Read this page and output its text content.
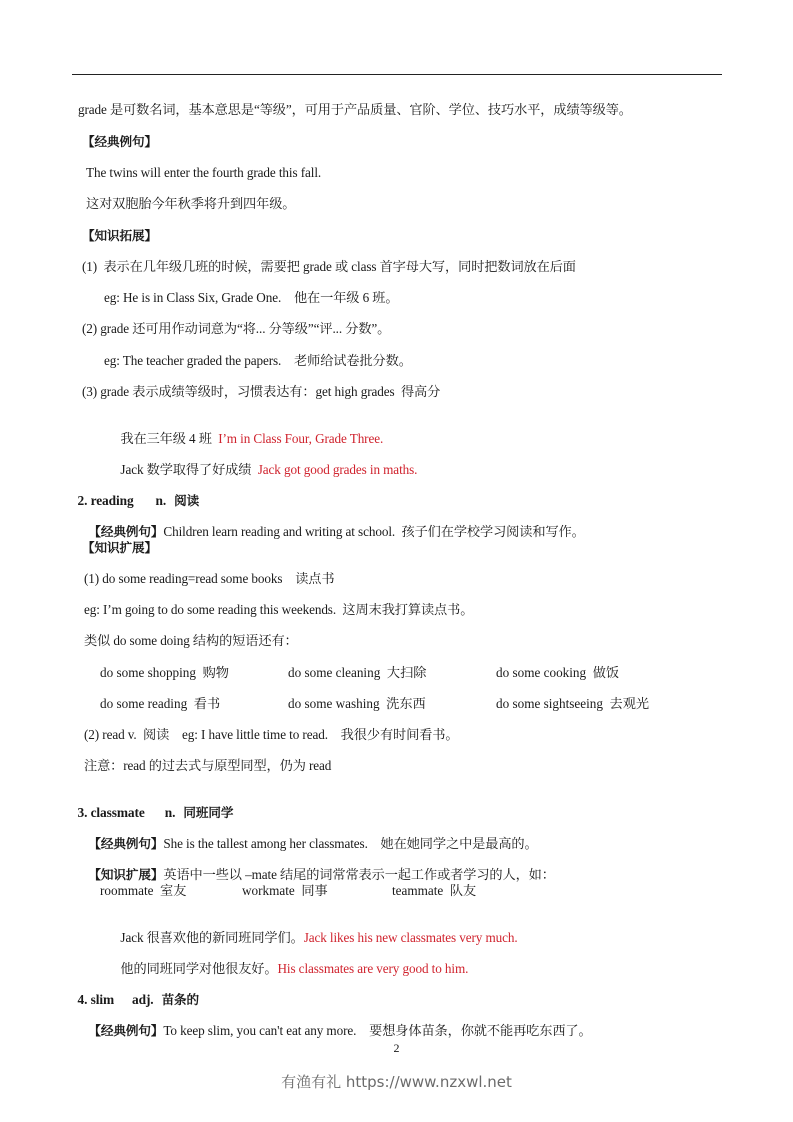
grade 是可数名词，基本意思是“等级”，可用于产品质量、官阶、学位、技巧水平，成绩等级等。
【经典例句】
The twins will enter the fourth grade this fall.
这对双胞胎今年秋季将升到四年级。
【知识拓展】
(1)  表示在几年级几班的时候，需要把 grade 或 class 首字母大写，同时把数词放在后面
eg: He is in Class Six, Grade One.    他在一年级 6 班。
(2) grade 还可用作动词意为“将... 分等级”“评... 分数”。
eg: The teacher graded the papers.    老师给试卷批分数。
(3) grade 表示成绩等级时，习惯表达有：get high grades  得高分

我在三年级 4 班  I’m in Class Four, Grade Three.

Jack 数学取得了好成绩  Jack got good grades in maths.

2. reading n. 阅读

【经典例句】Children learn reading and writing at school.  孩子们在学校学习阅读和写作。

【知识扩展】
(1) do some reading=read some books    读点书
eg: I’m going to do some reading this weekends.  这周末我打算读点书。
类似 do some doing 结构的短语还有：
do some shopping  购物	do some cleaning  大扫除	do some cooking  做饭
do some reading  看书	do some washing  洗东西	do some sightseeing  去观光
(2) read v.  阅读    eg: I have little time to read.    我很少有时间看书。
注意：read 的过去式与原型同型，仍为 read

3. classmate n. 同班同学

【经典例句】She is the tallest among her classmates.    她在她同学之中是最高的。

【知识扩展】英语中一些以 –mate 结尾的词常常表示一起工作或者学习的人，如：

roommate  室友	workmate  同事	teammate  队友

Jack 很喜欢他的新同班同学们。Jack likes his new classmates very much.

他的同班同学对他很友好。His classmates are very good to him.

4. slim adj. 苗条的

【经典例句】To keep slim, you can't eat any more.    要想身体苗条，你就不能再吃东西了。

2
有渔有礼 https://www.nzxwl.net
